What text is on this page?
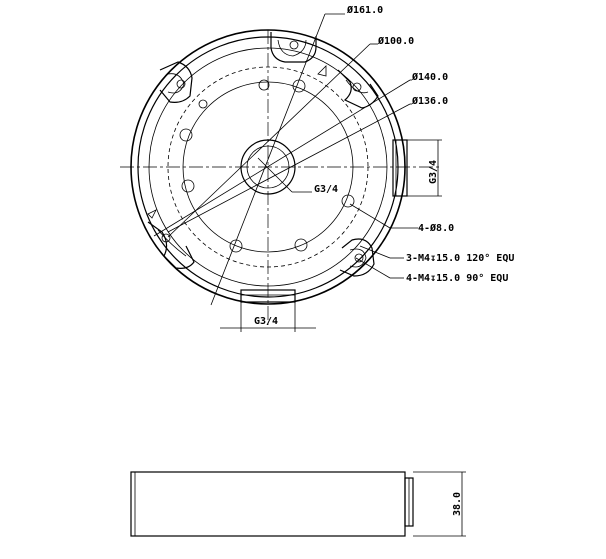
Ø161.0
Ø100.0
Ø140.0
Ø136.0
G3/4
G3/4
4-Ø8.0
3-M4↧15.0 120° EQU
4-M4↧15.0 90° EQU
G3/4
38.0
